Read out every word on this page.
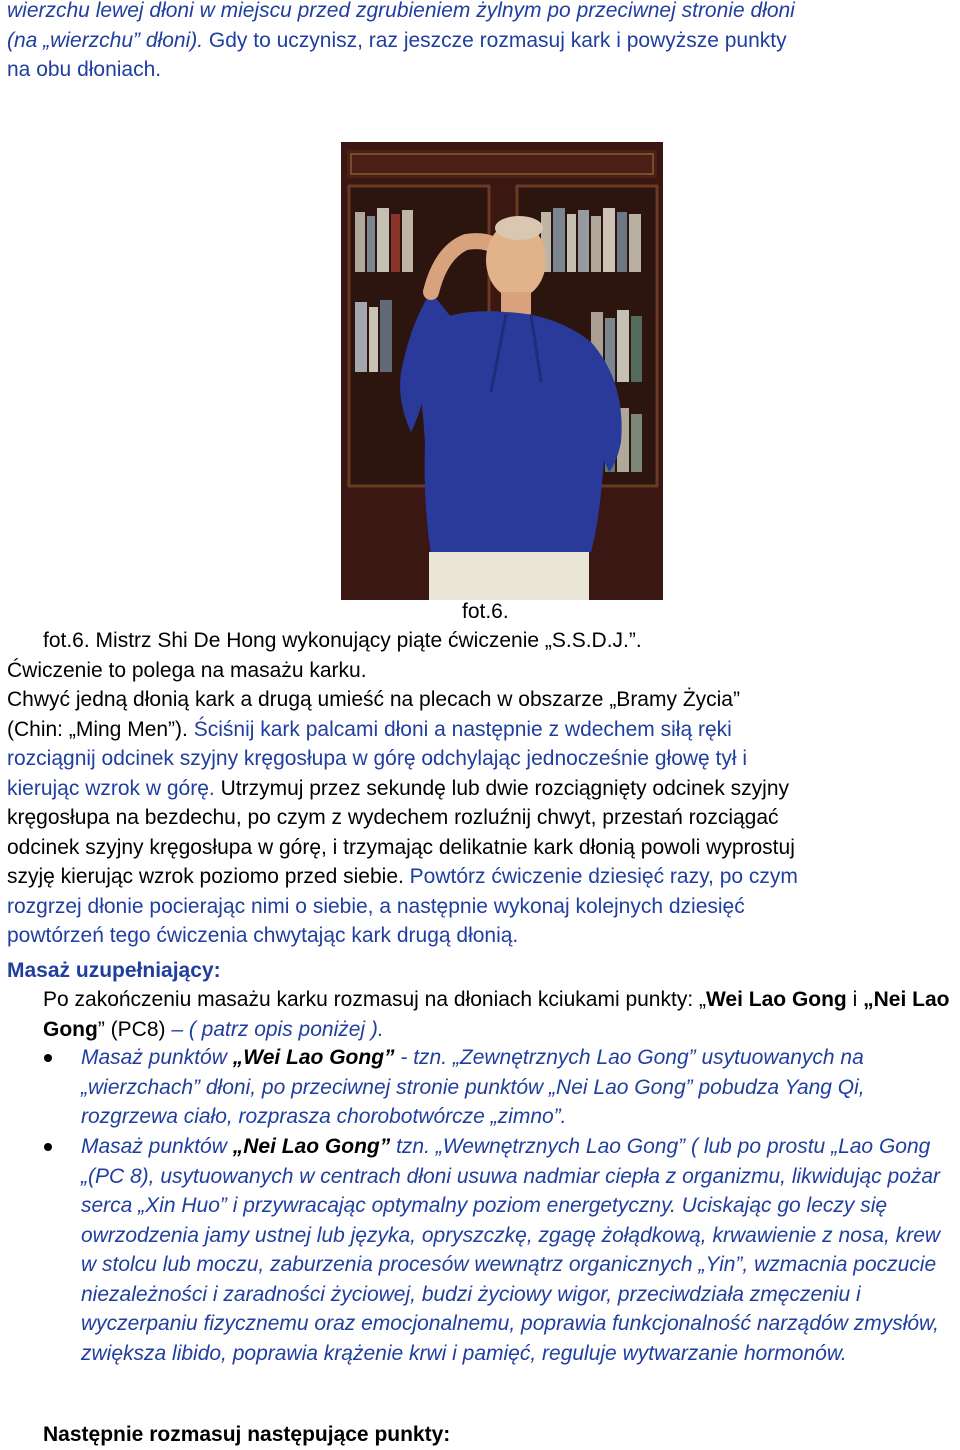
wierzchu lewej dłoni w miejscu przed zgrubieniem żylnym po przeciwnej stronie dłoni
(na „wierzchu” dłoni). Gdy to uczynisz, raz jeszcze rozmasuj kark i powyższe punkty
na obu dłoniach.

fot.6.

fot.6. Mistrz Shi De Hong wykonujący piąte ćwiczenie „S.S.D.J.”.
Ćwiczenie to polega na masażu karku.
Chwyć jedną dłonią kark a drugą umieść na plecach w obszarze „Bramy Życia”
(Chin: „Ming Men”). Ściśnij kark palcami dłoni a następnie z wdechem siłą ręki
rozciągnij odcinek szyjny kręgosłupa w górę odchylając jednocześnie głowę tył i
kierując wzrok w górę. Utrzymuj przez sekundę lub dwie rozciągnięty odcinek szyjny
kręgosłupa na bezdechu, po czym z wydechem rozluźnij chwyt, przestań rozciągać
odcinek szyjny kręgosłupa w górę, i trzymając delikatnie kark dłonią powoli wyprostuj
szyję kierując wzrok poziomo przed siebie. Powtórz ćwiczenie dziesięć razy, po czym
rozgrzej dłonie pocierając nimi o siebie, a następnie wykonaj kolejnych dziesięć
powtórzeń tego ćwiczenia chwytając kark drugą dłonią.

Masaż uzupełniający:

Po zakończeniu masażu karku rozmasuj na dłoniach kciukami punkty: „Wei Lao Gong i „Nei Lao Gong” (PC8) – ( patrz opis poniżej ).

Masaż punktów „Wei Lao Gong” - tzn. „Zewnętrznych Lao Gong” usytuowanych na „wierzchach” dłoni, po przeciwnej stronie punktów „Nei Lao Gong” pobudza Yang Qi, rozgrzewa ciało, rozprasza chorobotwórcze „zimno”.
Masaż punktów „Nei Lao Gong” tzn. „Wewnętrznych Lao Gong” ( lub po prostu „Lao Gong „(PC 8), usytuowanych w centrach dłoni usuwa nadmiar ciepła z organizmu, likwidując pożar serca „Xin Huo” i przywracając optymalny poziom energetyczny. Uciskając go leczy się owrzodzenia jamy ustnej lub języka, opryszczkę, zgagę żołądkową, krwawienie z nosa, krew w stolcu lub moczu, zaburzenia procesów wewnątrz organicznych „Yin”, wzmacnia poczucie niezależności i zaradności życiowej, budzi życiowy wigor, przeciwdziała zmęczeniu i wyczerpaniu fizycznemu oraz emocjonalnemu, poprawia funkcjonalność narządów zmysłów, zwiększa libido, poprawia krążenie krwi i pamięć, reguluje wytwarzanie hormonów.

Następnie rozmasuj następujące punkty:
